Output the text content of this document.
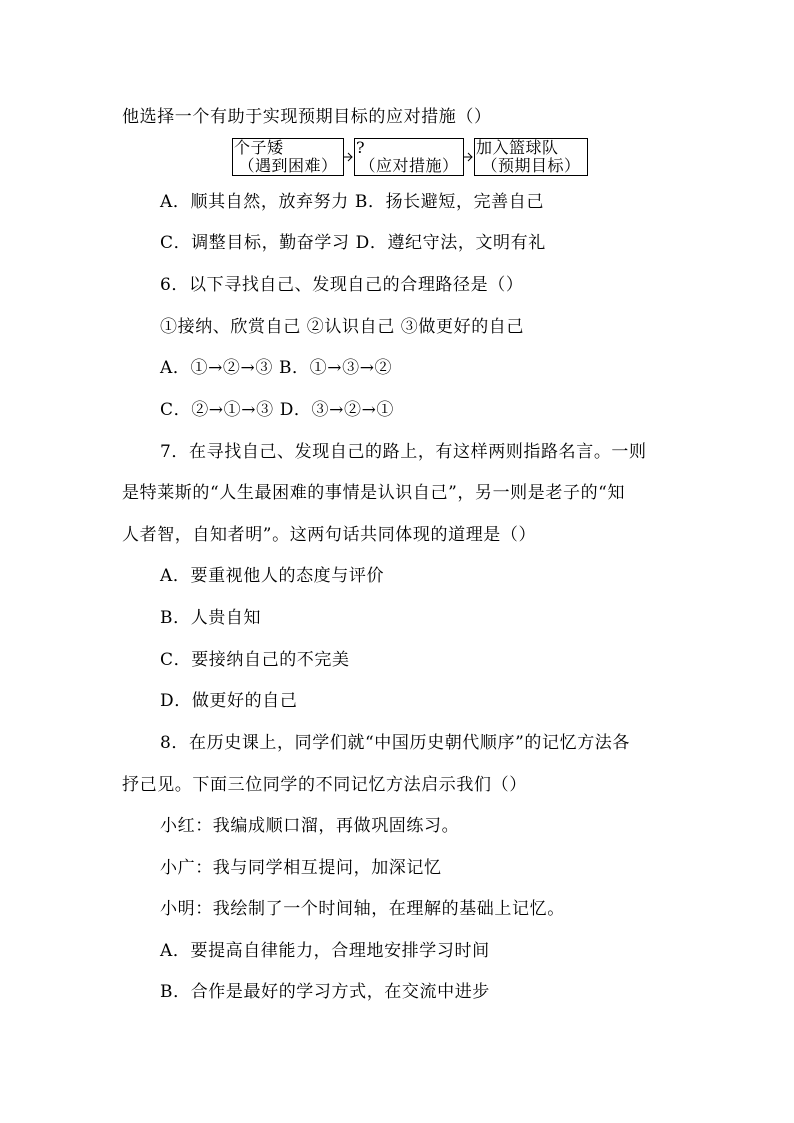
他选择一个有助于实现预期目标的应对措施（）
个子矮
（遇到困难）
?
（应对措施）
加入篮球队
（预期目标）
A．顺其自然，放弃努力 B．扬长避短，完善自己
C．调整目标，勤奋学习 D．遵纪守法，文明有礼
6．以下寻找自己、发现自己的合理路径是（）
①接纳、欣赏自己 ②认识自己 ③做更好的自己
A．①→②→③ B．①→③→②
C．②→①→③ D．③→②→①
7．在寻找自己、发现自己的路上，有这样两则指路名言。一则
是特莱斯的“人生最困难的事情是认识自己”，另一则是老子的“知
人者智，自知者明”。这两句话共同体现的道理是（）
A．要重视他人的态度与评价
B．人贵自知
C．要接纳自己的不完美
D．做更好的自己
8．在历史课上，同学们就“中国历史朝代顺序”的记忆方法各
抒己见。下面三位同学的不同记忆方法启示我们（）
小红：我编成顺口溜，再做巩固练习。
小广：我与同学相互提问，加深记忆
小明：我绘制了一个时间轴，在理解的基础上记忆。
A．要提高自律能力，合理地安排学习时间
B．合作是最好的学习方式，在交流中进步
